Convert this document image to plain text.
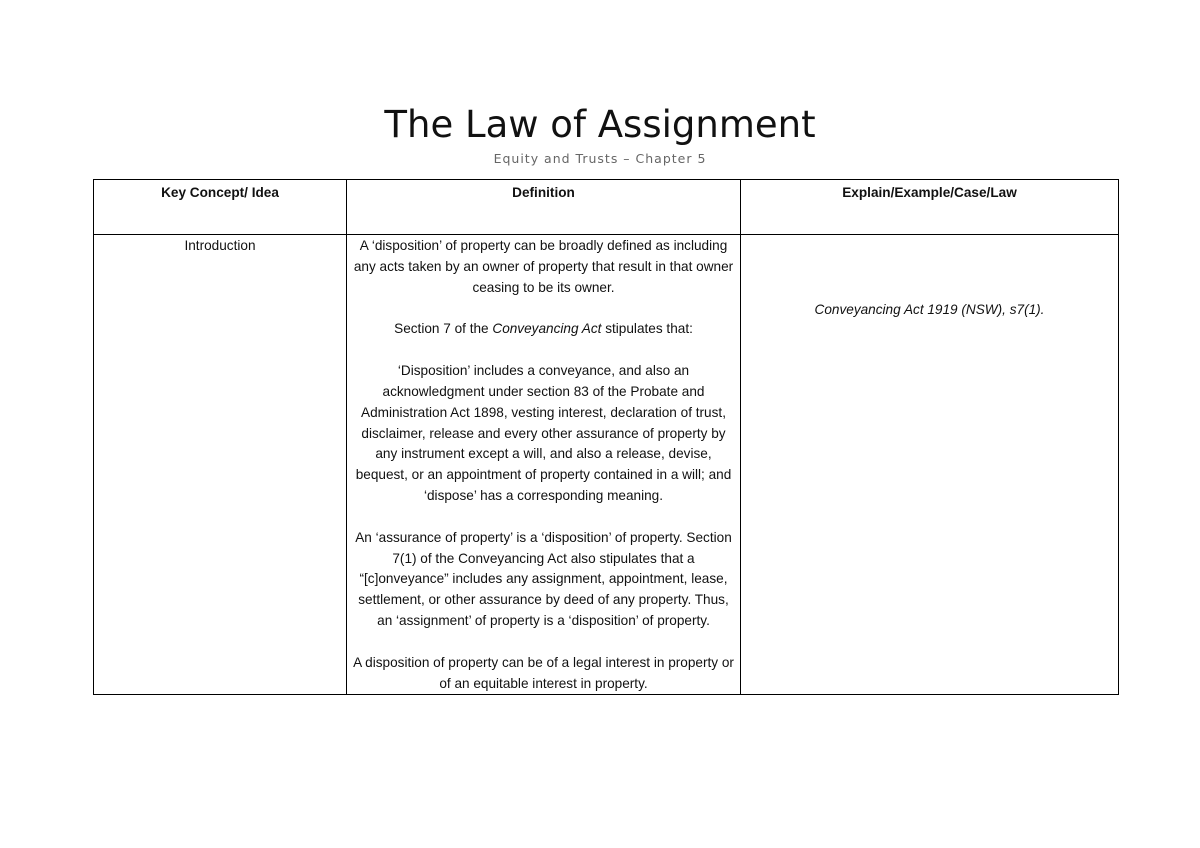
The Law of Assignment
Equity and Trusts – Chapter 5
Key Concept/ Idea	Definition	Explain/Example/Case/Law

Introduction	A ‘disposition’ of property can be broadly defined as including any acts taken by an owner of property that result in that owner ceasing to be its owner.

Section 7 of the Conveyancing Act stipulates that:

‘Disposition’ includes a conveyance, and also an acknowledgment under section 83 of the Probate and Administration Act 1898, vesting interest, declaration of trust, disclaimer, release and every other assurance of property by any instrument except a will, and also a release, devise, bequest, or an appointment of property contained in a will; and ‘dispose’ has a corresponding meaning.

An ‘assurance of property’ is a ‘disposition’ of property. Section 7(1) of the Conveyancing Act also stipulates that a “[c]onveyance” includes any assignment, appointment, lease, settlement, or other assurance by deed of any property. Thus, an ‘assignment’ of property is a ‘disposition’ of property.

A disposition of property can be of a legal interest in property or of an equitable interest in property.	Conveyancing Act 1919 (NSW), s7(1).
